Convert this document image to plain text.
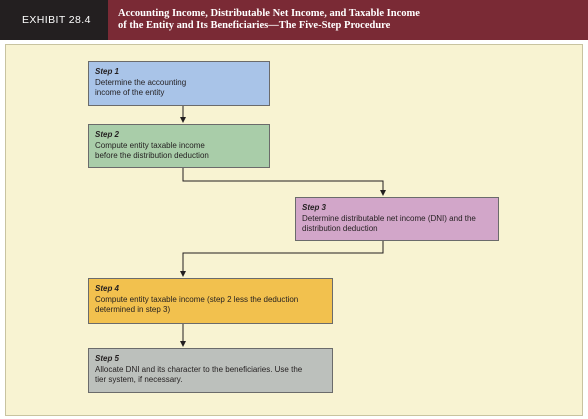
EXHIBIT 28.4
Accounting Income, Distributable Net Income, and Taxable Income
of the Entity and Its Beneficiaries—The Five-Step Procedure
Step 1
Determine the accounting
income of the entity
Step 2
Compute entity taxable income
before the distribution deduction
Step 3
Determine distributable net income (DNI) and the
distribution deduction
Step 4
Compute entity taxable income (step 2 less the deduction
determined in step 3)
Step 5
Allocate DNI and its character to the beneficiaries. Use the
tier system, if necessary.
